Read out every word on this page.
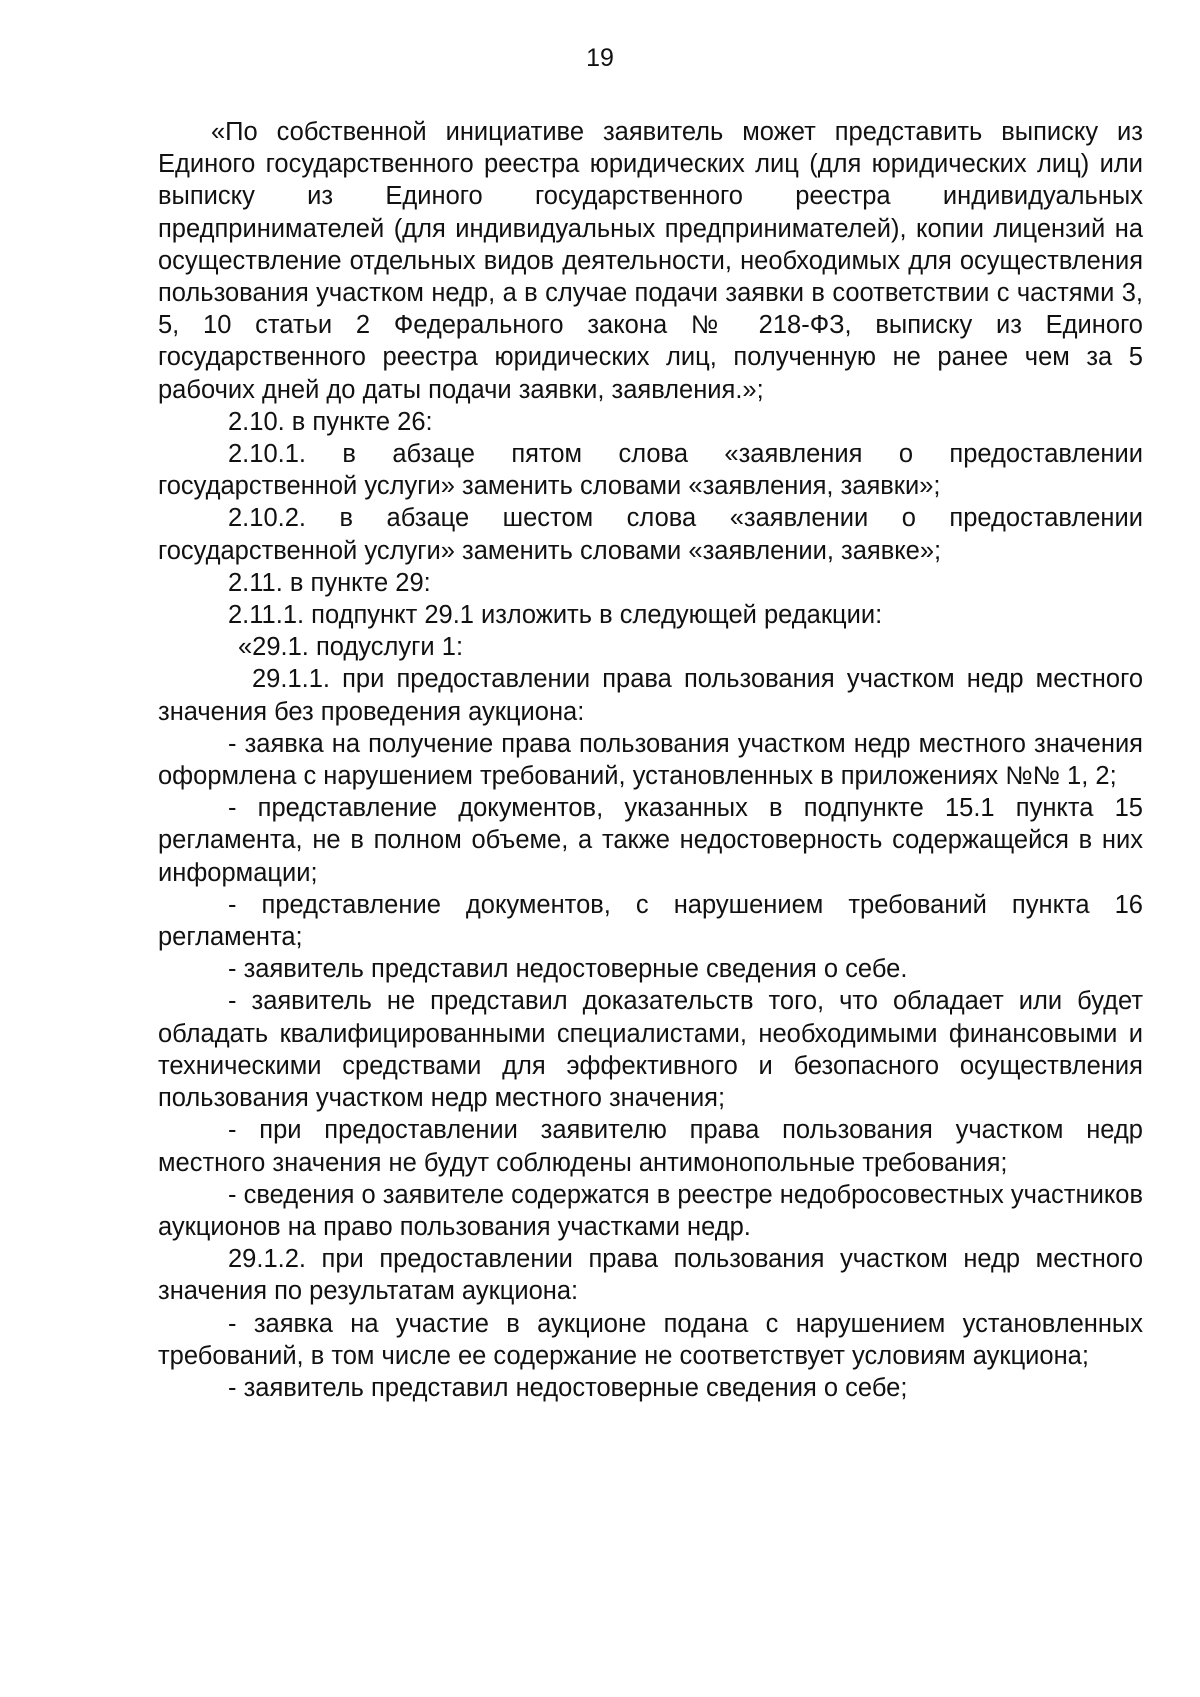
19

«По собственной инициативе заявитель может представить выписку из Единого государственного реестра юридических лиц (для юридических лиц) или выписку из Единого государственного реестра индивидуальных предпринимателей (для индивидуальных предпринимателей), копии лицензий на осуществление отдельных видов деятельности, необходимых для осуществления пользования участком недр, а в случае подачи заявки в соответствии с частями 3, 5, 10 статьи 2 Федерального закона № 218-ФЗ, выписку из Единого государственного реестра юридических лиц, полученную не ранее чем за 5 рабочих дней до даты подачи заявки, заявления.»;

2.10. в пункте 26:

2.10.1. в абзаце пятом слова «заявления о предоставлении государственной услуги» заменить словами «заявления, заявки»;

2.10.2. в абзаце шестом слова «заявлении о предоставлении государственной услуги» заменить словами «заявлении, заявке»;

2.11. в пункте 29:

2.11.1. подпункт 29.1 изложить в следующей редакции:

«29.1. подуслуги 1:

29.1.1. при предоставлении права пользования участком недр местного значения без проведения аукциона:

- заявка на получение права пользования участком недр местного значения оформлена с нарушением требований, установленных в приложениях №№ 1, 2;

- представление документов, указанных в подпункте 15.1 пункта 15 регламента, не в полном объеме, а также недостоверность содержащейся в них информации;

- представление документов, с нарушением требований пункта 16 регламента;

- заявитель представил недостоверные сведения о себе.

- заявитель не представил доказательств того, что обладает или будет обладать квалифицированными специалистами, необходимыми финансовыми и техническими средствами для эффективного и безопасного осуществления пользования участком недр местного значения;

- при предоставлении заявителю права пользования участком недр местного значения не будут соблюдены антимонопольные требования;

- сведения о заявителе содержатся в реестре недобросовестных участников аукционов на право пользования участками недр.

29.1.2. при предоставлении права пользования участком недр местного значения по результатам аукциона:

- заявка на участие в аукционе подана с нарушением установленных требований, в том числе ее содержание не соответствует условиям аукциона;

- заявитель представил недостоверные сведения о себе;
